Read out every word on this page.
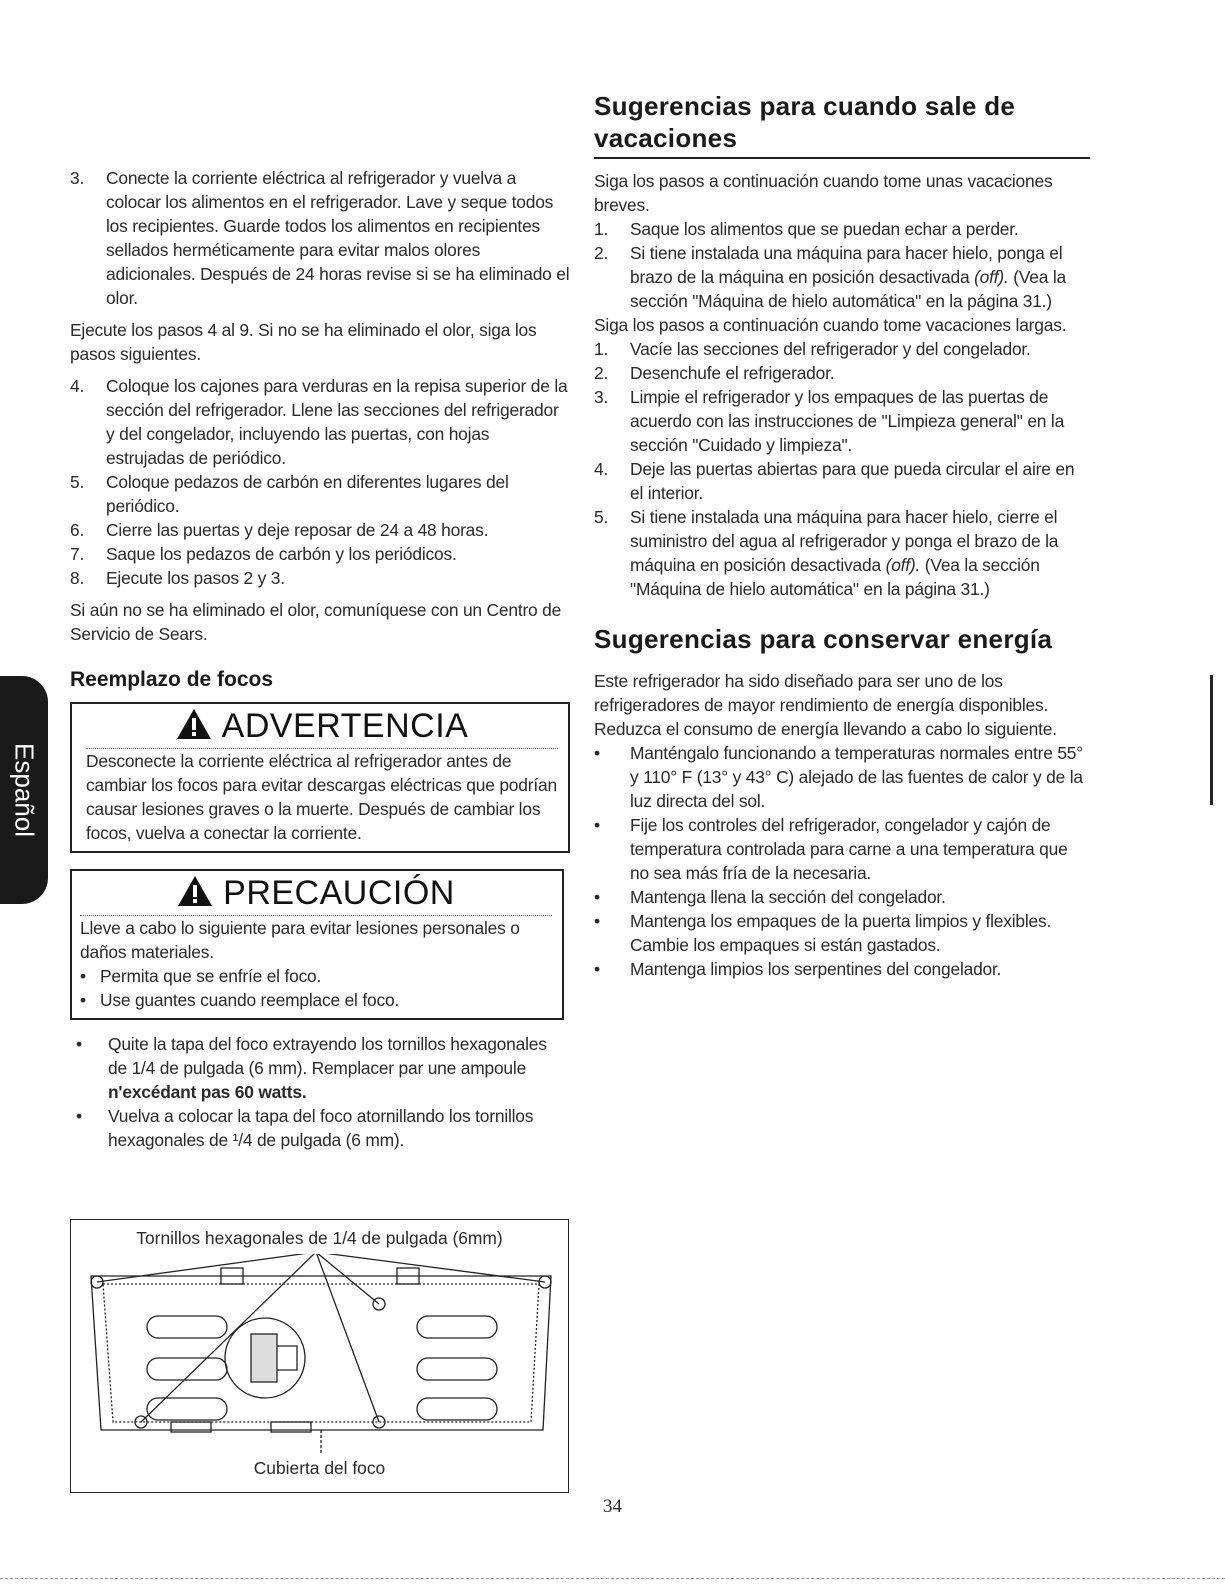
Español
3. Conecte la corriente eléctrica al refrigerador y vuelva a colocar los alimentos en el refrigerador. Lave y seque todos los recipientes. Guarde todos los alimentos en recipientes sellados herméticamente para evitar malos olores adicionales. Después de 24 horas revise si se ha eliminado el olor.

Ejecute los pasos 4 al 9. Si no se ha eliminado el olor, siga los pasos siguientes.

4. Coloque los cajones para verduras en la repisa superior de la sección del refrigerador. Llene las secciones del refrigerador y del congelador, incluyendo las puertas, con hojas estrujadas de periódico.
5. Coloque pedazos de carbón en diferentes lugares del periódico.
6. Cierre las puertas y deje reposar de 24 a 48 horas.
7. Saque los pedazos de carbón y los periódicos.
8. Ejecute los pasos 2 y 3.

Si aún no se ha eliminado el olor, comuníquese con un Centro de Servicio de Sears.

Reemplazo de focos
ADVERTENCIA

Desconecte la corriente eléctrica al refrigerador antes de cambiar los focos para evitar descargas eléctricas que podrían causar lesiones graves o la muerte. Después de cambiar los focos, vuelva a conectar la corriente.

PRECAUCIÓN

Lleve a cabo lo siguiente para evitar lesiones personales o daños materiales.

• Permita que se enfríe el foco.
• Use guantes cuando reemplace el foco.
• Quite la tapa del foco extrayendo los tornillos hexagonales de 1/4 de pulgada (6 mm). Remplacer par une ampoule n'excédant pas 60 watts.
• Vuelva a colocar la tapa del foco atornillando los tornillos hexagonales de ¹/4 de pulgada (6 mm).
Tornillos hexagonales de 1/4 de pulgada (6mm)
Cubierta del foco
Sugerencias para cuando sale de vacaciones

Siga los pasos a continuación cuando tome unas vacaciones breves.

1. Saque los alimentos que se puedan echar a perder.
2. Si tiene instalada una máquina para hacer hielo, ponga el brazo de la máquina en posición desactivada (off). (Vea la sección "Máquina de hielo automática" en la página 31.)

Siga los pasos a continuación cuando tome vacaciones largas.

1. Vacíe las secciones del refrigerador y del congelador.
2. Desenchufe el refrigerador.
3. Limpie el refrigerador y los empaques de las puertas de acuerdo con las instrucciones de "Limpieza general" en la sección "Cuidado y limpieza".
4. Deje las puertas abiertas para que pueda circular el aire en el interior.
5. Si tiene instalada una máquina para hacer hielo, cierre el suministro del agua al refrigerador y ponga el brazo de la máquina en posición desactivada (off). (Vea la sección "Máquina de hielo automática" en la página 31.)
Sugerencias para conservar energía

Este refrigerador ha sido diseñado para ser uno de los refrigeradores de mayor rendimiento de energía disponibles. Reduzca el consumo de energía llevando a cabo lo siguiente.

• Manténgalo funcionando a temperaturas normales entre 55° y 110° F (13° y 43° C) alejado de las fuentes de calor y de la luz directa del sol.
• Fije los controles del refrigerador, congelador y cajón de temperatura controlada para carne a una temperatura que no sea más fría de la necesaria.
• Mantenga llena la sección del congelador.
• Mantenga los empaques de la puerta limpios y flexibles. Cambie los empaques si están gastados.
• Mantenga limpios los serpentines del congelador.
34
